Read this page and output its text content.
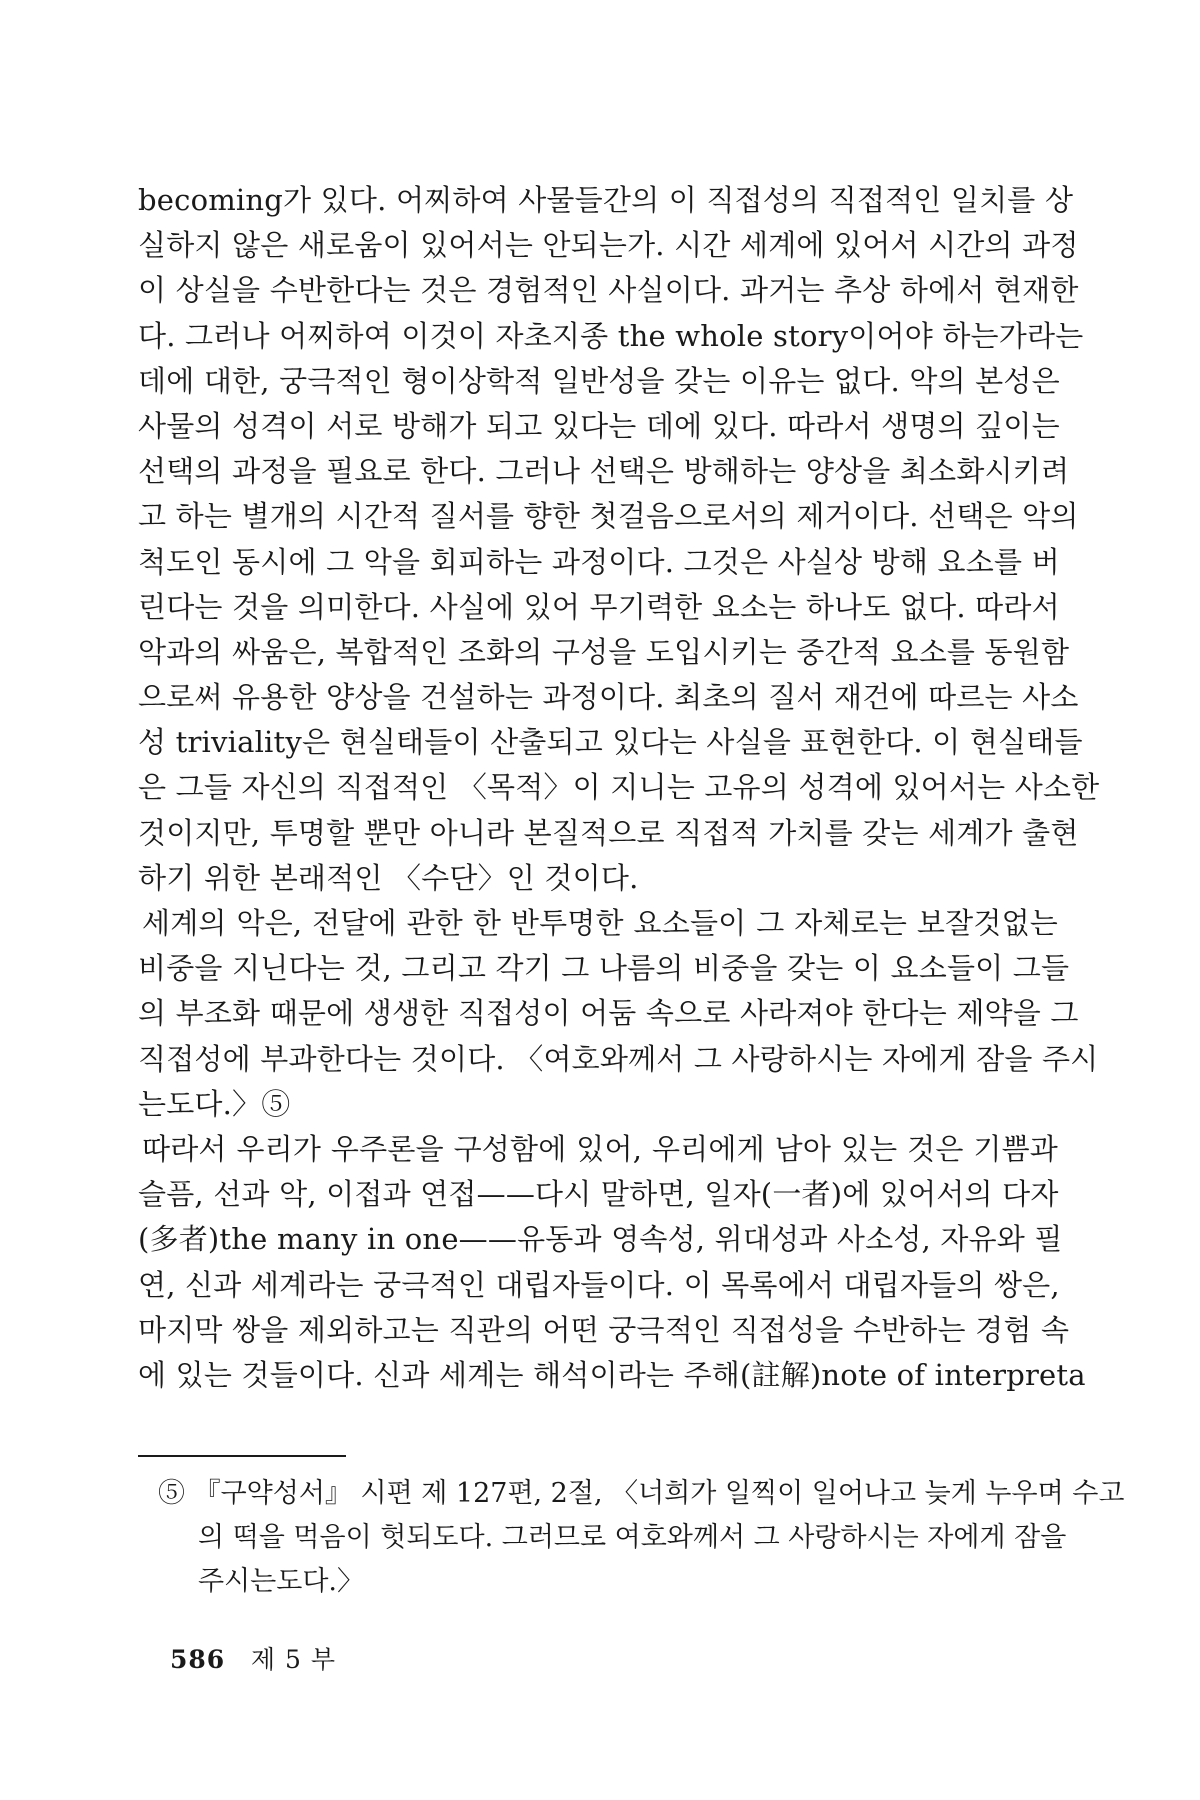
becoming가 있다. 어찌하여 사물들간의 이 직접성의 직접적인 일치를 상
실하지 않은 새로움이 있어서는 안되는가. 시간 세계에 있어서 시간의 과정
이 상실을 수반한다는 것은 경험적인 사실이다. 과거는 추상 하에서 현재한
다. 그러나 어찌하여 이것이 자초지종 the whole story이어야 하는가라는
데에 대한, 궁극적인 형이상학적 일반성을 갖는 이유는 없다. 악의 본성은
사물의 성격이 서로 방해가 되고 있다는 데에 있다. 따라서 생명의 깊이는
선택의 과정을 필요로 한다. 그러나 선택은 방해하는 양상을 최소화시키려
고 하는 별개의 시간적 질서를 향한 첫걸음으로서의 제거이다. 선택은 악의
척도인 동시에 그 악을 회피하는 과정이다. 그것은 사실상 방해 요소를 버
린다는 것을 의미한다. 사실에 있어 무기력한 요소는 하나도 없다. 따라서
악과의 싸움은, 복합적인 조화의 구성을 도입시키는 중간적 요소를 동원함
으로써 유용한 양상을 건설하는 과정이다. 최초의 질서 재건에 따르는 사소
성 triviality은 현실태들이 산출되고 있다는 사실을 표현한다. 이 현실태들
은 그들 자신의 직접적인 〈목적〉이 지니는 고유의 성격에 있어서는 사소한
것이지만, 투명할 뿐만 아니라 본질적으로 직접적 가치를 갖는 세계가 출현
하기 위한 본래적인 〈수단〉인 것이다.
세계의 악은, 전달에 관한 한 반투명한 요소들이 그 자체로는 보잘것없는
비중을 지닌다는 것, 그리고 각기 그 나름의 비중을 갖는 이 요소들이 그들
의 부조화 때문에 생생한 직접성이 어둠 속으로 사라져야 한다는 제약을 그
직접성에 부과한다는 것이다. 〈여호와께서 그 사랑하시는 자에게 잠을 주시
는도다.〉⑤
따라서 우리가 우주론을 구성함에 있어, 우리에게 남아 있는 것은 기쁨과
슬픔, 선과 악, 이접과 연접——다시 말하면, 일자(一者)에 있어서의 다자
(多者)the many in one——유동과 영속성, 위대성과 사소성, 자유와 필
연, 신과 세계라는 궁극적인 대립자들이다. 이 목록에서 대립자들의 쌍은,
마지막 쌍을 제외하고는 직관의 어떤 궁극적인 직접성을 수반하는 경험 속
에 있는 것들이다. 신과 세계는 해석이라는 주해(註解)note of interpreta
⑤ 『구약성서』 시편 제 127편, 2절, 〈너희가 일찍이 일어나고 늦게 누우며 수고
의 떡을 먹음이 헛되도다. 그러므로 여호와께서 그 사랑하시는 자에게 잠을
주시는도다.〉
586 제 5 부
